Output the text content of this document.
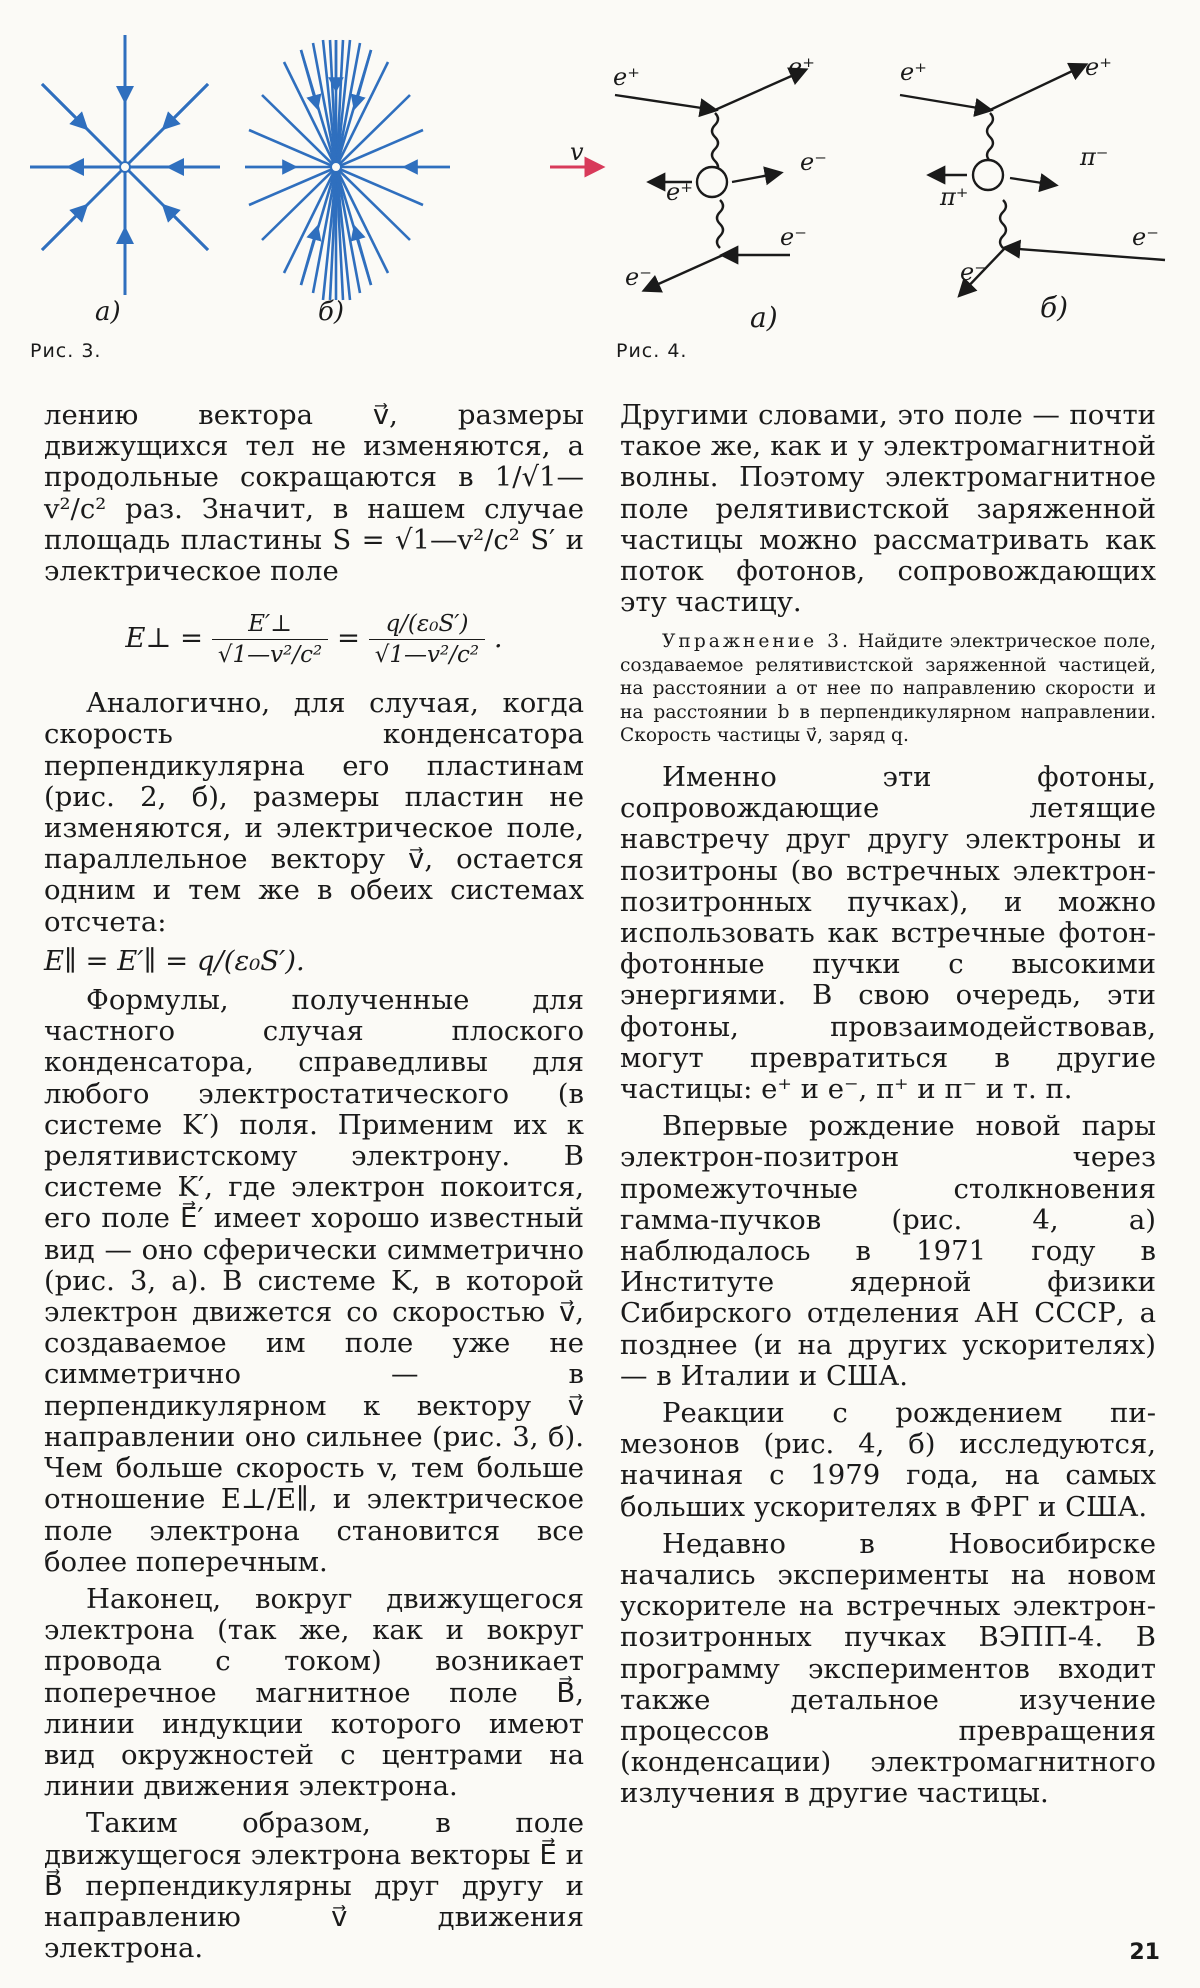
v
а)	б)
Рис. 3.
e⁺	e⁺
e⁺
e⁻
e⁻
e⁻
e⁺	e⁺
π⁺
π⁻
e⁻
e⁻
а)	б)
Рис. 4.

лению вектора v⃗, размеры движущихся тел не изменяются, а продольные сокращаются в 1/√1—v²/c² раз. Значит, в нашем случае площадь пластины S = √1—v²/c² S′ и электрическое поле

E⊥ = $\frac{E'\perp}{\text{√1—v²/c²}} = \frac{\text{q/(ε₀S′)}}{\text{√1—v²/c²}}$ .

Аналогично, для случая, когда скорость конденсатора перпендикулярна его пластинам (рис. 2, б), размеры пластин не изменяются, и электрическое поле, параллельное вектору v⃗, остается одним и тем же в обеих системах отсчета:

E∥ = E′∥ = q/(ε₀S′).

Формулы, полученные для частного случая плоского конденсатора, справедливы для любого электростатического (в системе K′) поля. Применим их к релятивистскому электрону. В системе K′, где электрон покоится, его поле E⃗′ имеет хорошо известный вид — оно сферически симметрично (рис. 3, а). В системе K, в которой электрон движется со скоростью v⃗, создаваемое им поле уже не симметрично — в перпендикулярном к вектору v⃗ направлении оно сильнее (рис. 3, б). Чем больше скорость v, тем больше отношение E⊥/E∥, и электрическое поле электрона становится все более поперечным.

Наконец, вокруг движущегося электрона (так же, как и вокруг провода с током) возникает поперечное магнитное поле B⃗, линии индукции которого имеют вид окружностей с центрами на линии движения электрона.

Таким образом, в поле движущегося электрона векторы E⃗ и B⃗ перпендикулярны друг другу и направлению v⃗ движения электрона.

Другими словами, это поле — почти такое же, как и у электромагнитной волны. Поэтому электромагнитное поле релятивистской заряженной частицы можно рассматривать как поток фотонов, сопровождающих эту частицу.

Упражнение 3. Найдите электрическое поле, создаваемое релятивистской заряженной частицей, на расстоянии a от нее по направлению скорости и на расстоянии b в перпендикулярном направлении. Скорость частицы v⃗, заряд q.

Именно эти фотоны, сопровождающие летящие навстречу друг другу электроны и позитроны (во встречных электрон-позитронных пучках), и можно использовать как встречные фотон-фотонные пучки с высокими энергиями. В свою очередь, эти фотоны, провзаимодействовав, могут превратиться в другие частицы: e⁺ и e⁻, π⁺ и π⁻ и т. п.

Впервые рождение новой пары электрон-позитрон через промежуточные столкновения гамма-пучков (рис. 4, а) наблюдалось в 1971 году в Институте ядерной физики Сибирского отделения АН СССР, а позднее (и на других ускорителях) — в Италии и США.

Реакции с рождением пи-мезонов (рис. 4, б) исследуются, начиная с 1979 года, на самых больших ускорителях в ФРГ и США.

Недавно в Новосибирске начались эксперименты на новом ускорителе на встречных электрон-позитронных пучках ВЭПП-4. В программу экспериментов входит также детальное изучение процессов превращения (конденсации) электромагнитного излучения в другие частицы.

21
